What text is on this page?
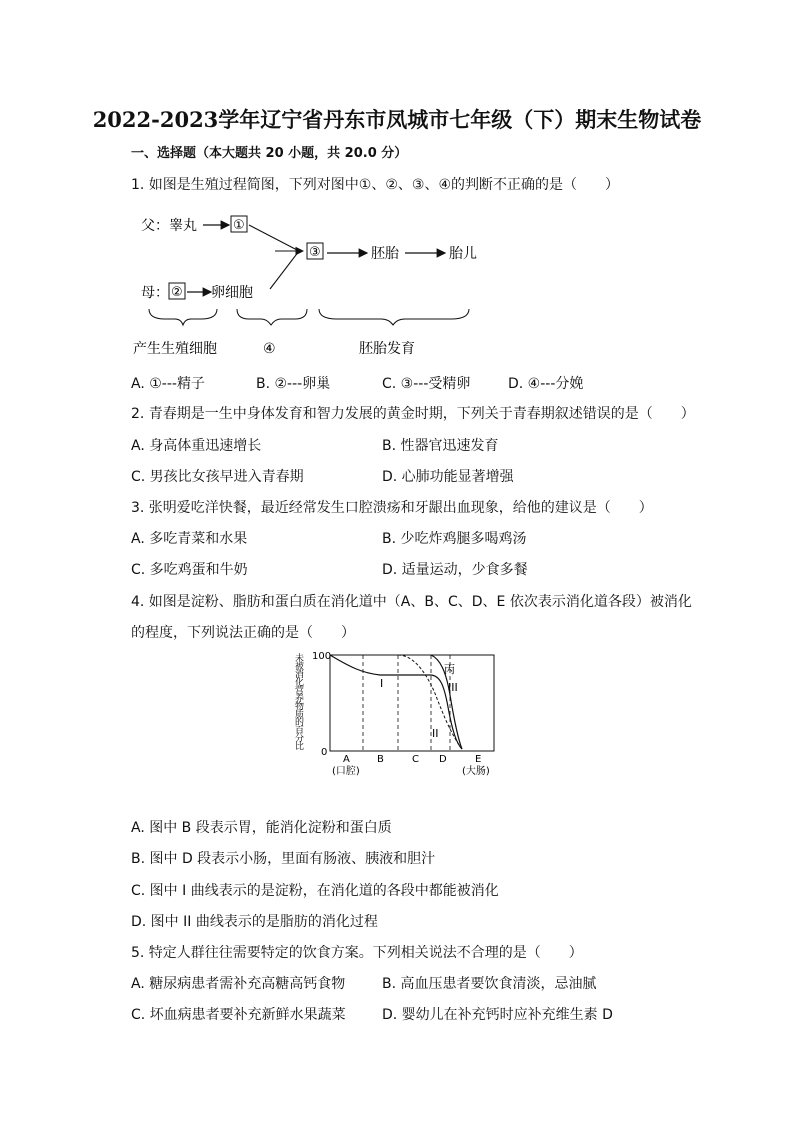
2022-2023学年辽宁省丹东市凤城市七年级（下）期末生物试卷
一、选择题（本大题共 20 小题，共 20.0 分）
1. 如图是生殖过程简图，下列对图中①、②、③、④的判断不正确的是（　　）
父：睾丸	①
③	胚胎	胎儿
母： ② 卵细胞
产生生殖细胞	④	胚胎发育
A. ①---精子	B. ②---卵巢	C. ③---受精卵	D. ④---分娩
2. 青春期是一生中身体发育和智力发展的黄金时期，下列关于青春期叙述错误的是（　　）
A. 身高体重迅速增长	B. 性器官迅速发育
C. 男孩比女孩早进入青春期	D. 心肺功能显著增强
3. 张明爱吃洋快餐，最近经常发生口腔溃疡和牙龈出血现象，给他的建议是（　　）
A. 多吃青菜和水果	B. 少吃炸鸡腿多喝鸡汤
C. 多吃鸡蛋和牛奶	D. 适量运动，少食多餐
4. 如图是淀粉、脂肪和蛋白质在消化道中（A、B、C、D、E 依次表示消化道各段）被消化
的程度，下列说法正确的是（　　）
未被消化营养物质的百分比 100
0
I
丙
III
II
A	B	C D	E
(口腔)	(大肠)
A. 图中 B 段表示胃，能消化淀粉和蛋白质
B. 图中 D 段表示小肠，里面有肠液、胰液和胆汁
C. 图中 I 曲线表示的是淀粉，在消化道的各段中都能被消化
D. 图中 II 曲线表示的是脂肪的消化过程
5. 特定人群往往需要特定的饮食方案。下列相关说法不合理的是（　　）
A. 糖尿病患者需补充高糖高钙食物	B. 高血压患者要饮食清淡，忌油腻
C. 坏血病患者要补充新鲜水果蔬菜	D. 婴幼儿在补充钙时应补充维生素 D
